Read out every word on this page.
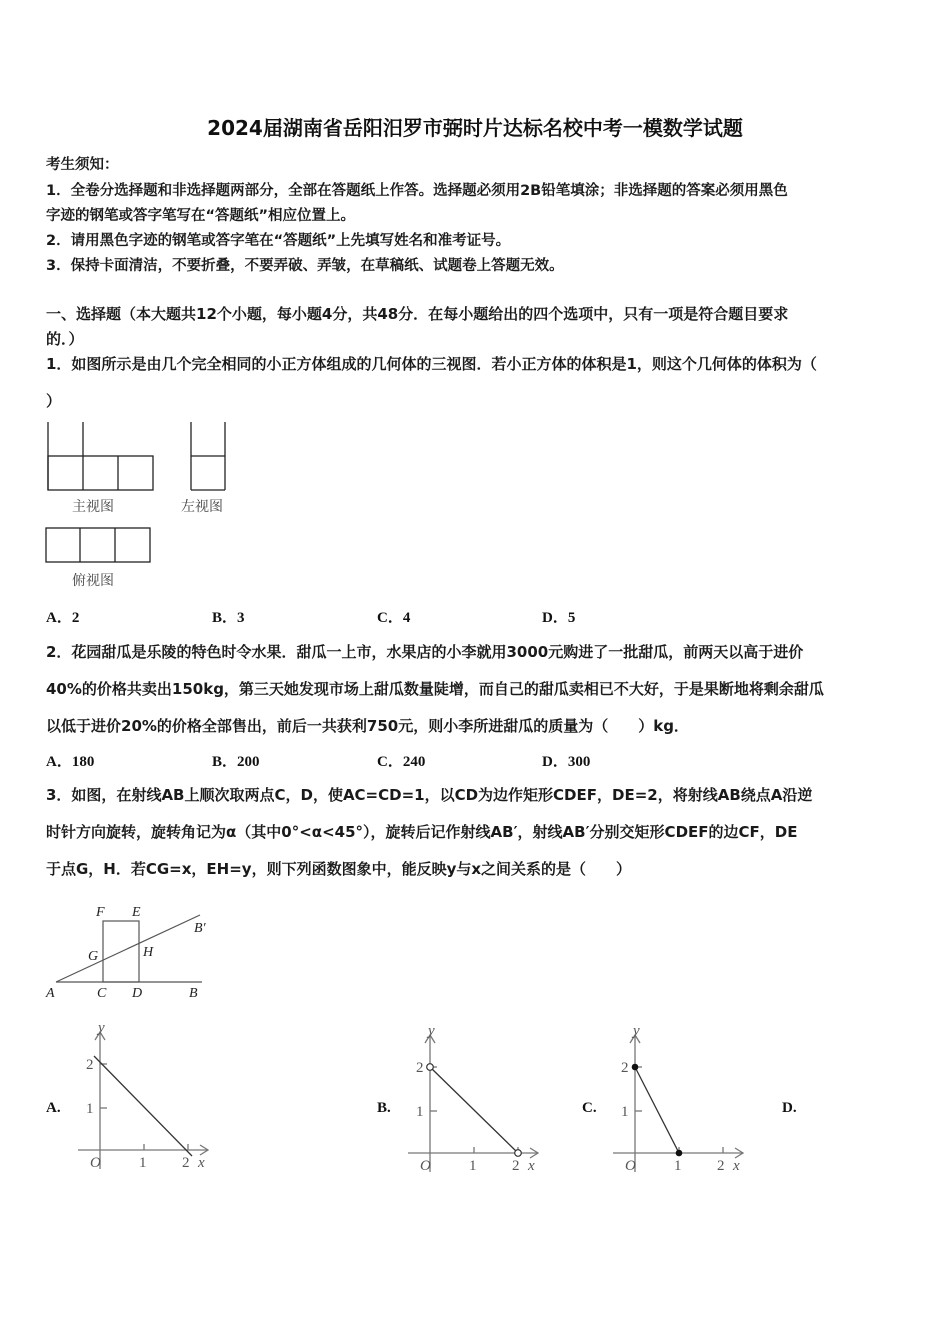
2024届湖南省岳阳汨罗市弼时片达标名校中考一模数学试题
考生须知：
1．全卷分选择题和非选择题两部分，全部在答题纸上作答。选择题必须用2B铅笔填涂；非选择题的答案必须用黑色
字迹的钢笔或答字笔写在“答题纸”相应位置上。
2．请用黑色字迹的钢笔或答字笔在“答题纸”上先填写姓名和准考证号。
3．保持卡面清洁，不要折叠，不要弄破、弄皱，在草稿纸、试题卷上答题无效。
一、选择题（本大题共12个小题，每小题4分，共48分．在每小题给出的四个选项中，只有一项是符合题目要求
的．）
1．如图所示是由几个完全相同的小正方体组成的几何体的三视图．若小正方体的体积是1，则这个几何体的体积为（
）
主视图	左视图
俯视图
A．2	B．3	C．4	D．5
2．花园甜瓜是乐陵的特色时令水果．甜瓜一上市，水果店的小李就用3000元购进了一批甜瓜，前两天以高于进价
40%的价格共卖出150kg，第三天她发现市场上甜瓜数量陡增，而自己的甜瓜卖相已不大好，于是果断地将剩余甜瓜
以低于进价20%的价格全部售出，前后一共获利750元，则小李所进甜瓜的质量为（　　）kg．
A．180	B．200	C．240	D．300
3．如图，在射线AB上顺次取两点C，D，使AC=CD=1，以CD为边作矩形CDEF，DE=2，将射线AB绕点A沿逆
时针方向旋转，旋转角记为α（其中0°<α<45°），旋转后记作射线AB′，射线AB′分别交矩形CDEF的边CF，DE
于点G，H．若CG=x，EH=y，则下列函数图象中，能反映y与x之间关系的是（　　）
F E
B′
G	H
A	C D	B
A.
2
1
O	1 2 x
y
B.
2
1
O	1 2 x
y
C.
2
1
O	1 2 x
y
D.
